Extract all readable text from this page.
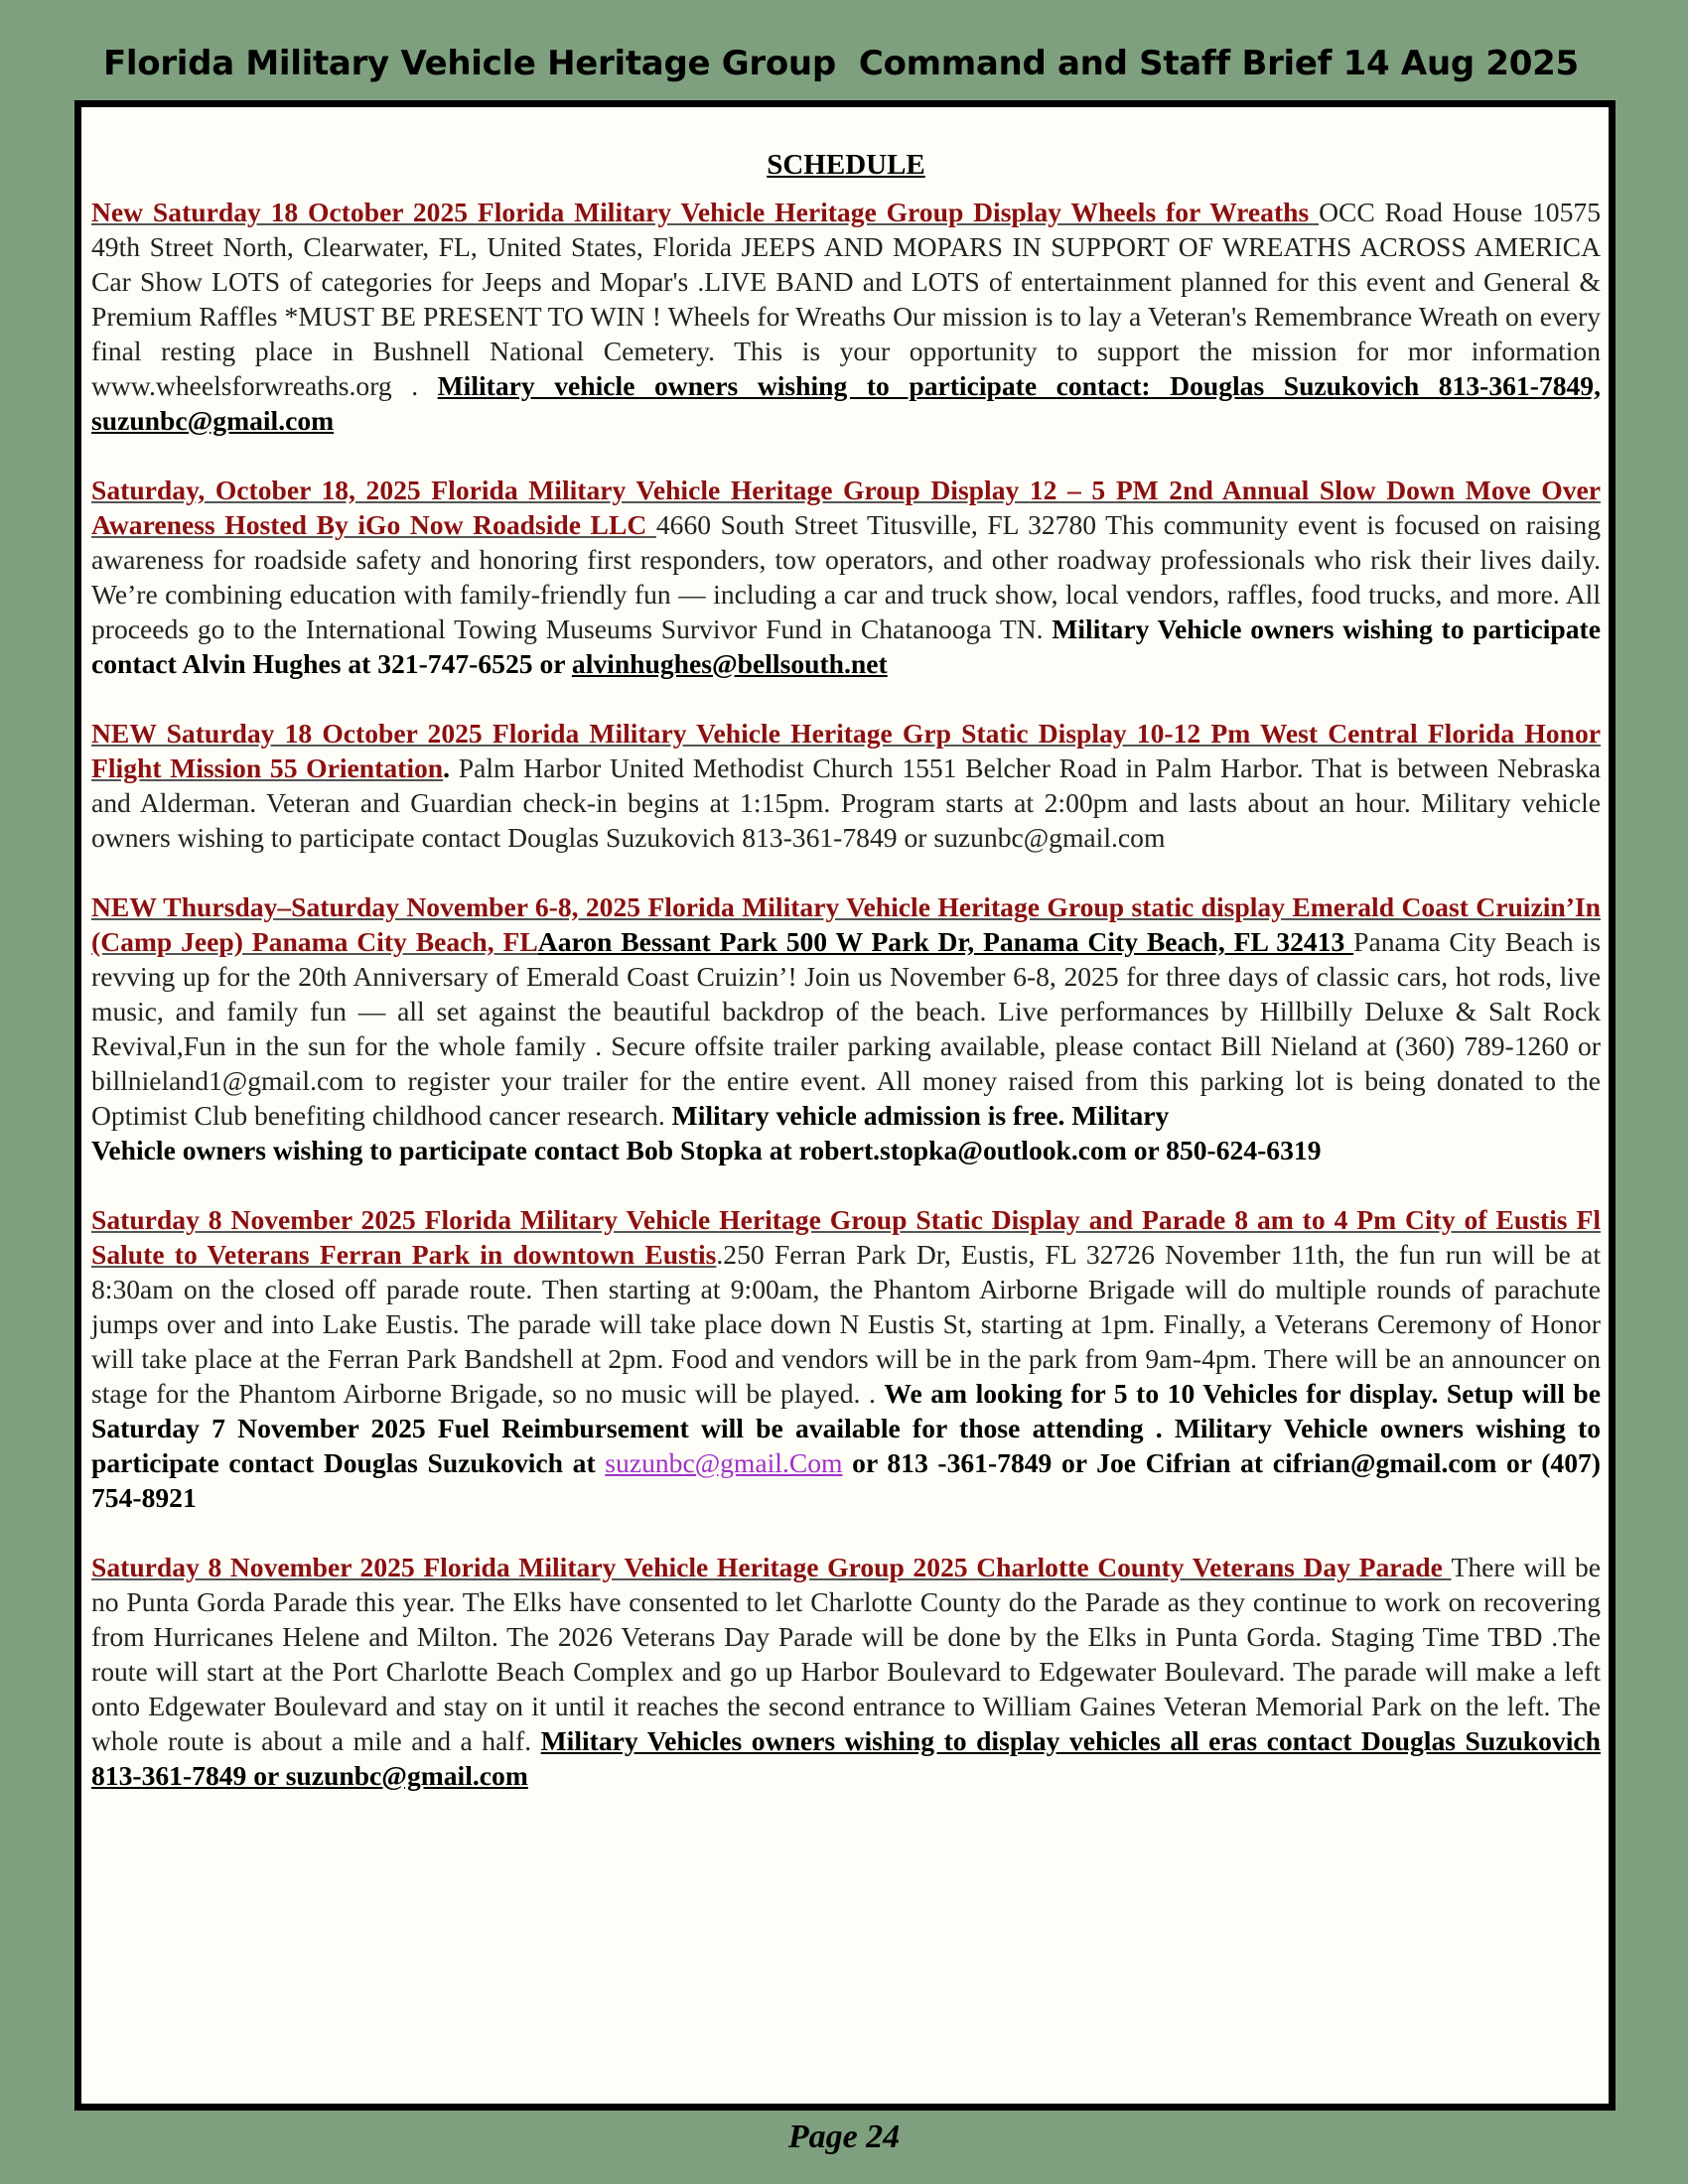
Florida Military Vehicle Heritage Group  Command and Staff Brief 14 Aug 2025
SCHEDULE

New Saturday 18 October 2025 Florida Military Vehicle Heritage Group Display Wheels for Wreaths OCC Road House 10575 49th Street North, Clearwater, FL, United States, Florida JEEPS AND MOPARS IN SUPPORT OF WREATHS ACROSS AMERICA Car Show LOTS of categories for Jeeps and Mopar's .LIVE BAND and LOTS of entertainment planned for this event and General & Premium Raffles *MUST BE PRESENT TO WIN ! Wheels for Wreaths Our mission is to lay a Veteran's Remembrance Wreath on every final resting place in Bushnell National Cemetery. This is your opportunity to support the mission for mor information www.wheelsforwreaths.org . Military vehicle owners wishing to participate contact: Douglas Suzukovich 813-361-7849, suzunbc@gmail.com

Saturday, October 18, 2025 Florida Military Vehicle Heritage Group Display 12 – 5 PM 2nd Annual Slow Down Move Over Awareness Hosted By iGo Now Roadside LLC 4660 South Street Titusville, FL 32780 This community event is focused on raising awareness for roadside safety and honoring first responders, tow operators, and other roadway professionals who risk their lives daily. We’re combining education with family-friendly fun — including a car and truck show, local vendors, raffles, food trucks, and more. All proceeds go to the International Towing Museums Survivor Fund in Chatanooga TN. Military Vehicle owners wishing to participate contact Alvin Hughes at 321-747-6525 or alvinhughes@bellsouth.net

NEW Saturday 18 October 2025 Florida Military Vehicle Heritage Grp Static Display 10-12 Pm West Central Florida Honor Flight Mission 55 Orientation. Palm Harbor United Methodist Church 1551 Belcher Road in Palm Harbor. That is between Nebraska and Alderman. Veteran and Guardian check-in begins at 1:15pm. Program starts at 2:00pm and lasts about an hour. Military vehicle owners wishing to participate contact Douglas Suzukovich 813-361-7849 or suzunbc@gmail.com

NEW Thursday–Saturday November 6-8, 2025 Florida Military Vehicle Heritage Group static display Emerald Coast Cruizin’In (Camp Jeep) Panama City Beach, FLAaron Bessant Park 500 W Park Dr, Panama City Beach, FL 32413 Panama City Beach is revving up for the 20th Anniversary of Emerald Coast Cruizin’! Join us November 6-8, 2025 for three days of classic cars, hot rods, live music, and family fun — all set against the beautiful backdrop of the beach. Live performances by Hillbilly Deluxe & Salt Rock Revival,Fun in the sun for the whole family . Secure offsite trailer parking available, please contact Bill Nieland at (360) 789-1260 or billnieland1@gmail.com to register your trailer for the entire event. All money raised from this parking lot is being donated to the Optimist Club benefiting childhood cancer research. Military vehicle admission is free. Military

Vehicle owners wishing to participate contact Bob Stopka at robert.stopka@outlook.com or 850-624-6319

Saturday 8 November 2025 Florida Military Vehicle Heritage Group Static Display and Parade 8 am to 4 Pm City of Eustis Fl Salute to Veterans Ferran Park in downtown Eustis.250 Ferran Park Dr, Eustis, FL 32726 November 11th, the fun run will be at 8:30am on the closed off parade route. Then starting at 9:00am, the Phantom Airborne Brigade will do multiple rounds of parachute jumps over and into Lake Eustis. The parade will take place down N Eustis St, starting at 1pm. Finally, a Veterans Ceremony of Honor will take place at the Ferran Park Bandshell at 2pm. Food and vendors will be in the park from 9am-4pm. There will be an announcer on stage for the Phantom Airborne Brigade, so no music will be played. . We am looking for 5 to 10 Vehicles for display. Setup will be Saturday 7 November 2025 Fuel Reimbursement will be available for those attending . Military Vehicle owners wishing to participate contact Douglas Suzukovich at suzunbc@gmail.Com or 813 -361-7849 or Joe Cifrian at cifrian@gmail.com or (407) 754-8921

Saturday 8 November 2025 Florida Military Vehicle Heritage Group 2025 Charlotte County Veterans Day Parade There will be no Punta Gorda Parade this year. The Elks have consented to let Charlotte County do the Parade as they continue to work on recovering from Hurricanes Helene and Milton. The 2026 Veterans Day Parade will be done by the Elks in Punta Gorda. Staging Time TBD .The route will start at the Port Charlotte Beach Complex and go up Harbor Boulevard to Edgewater Boulevard. The parade will make a left onto Edgewater Boulevard and stay on it until it reaches the second entrance to William Gaines Veteran Memorial Park on the left. The whole route is about a mile and a half. Military Vehicles owners wishing to display vehicles all eras contact Douglas Suzukovich 813-361-7849 or suzunbc@gmail.com

Page 24
